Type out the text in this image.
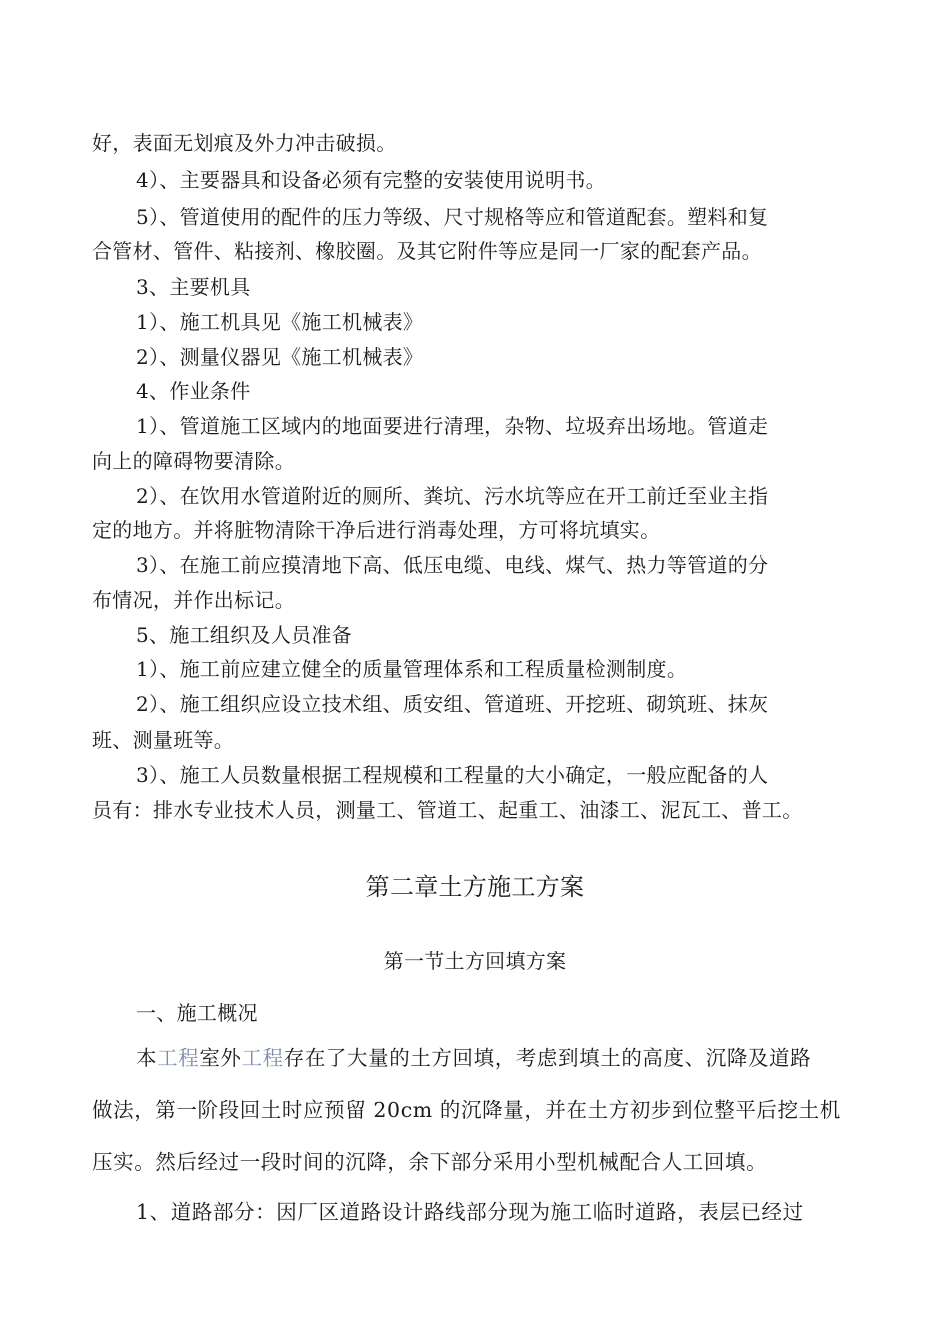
好，表面无划痕及外力冲击破损。
4）、主要器具和设备必须有完整的安装使用说明书。
5）、管道使用的配件的压力等级、尺寸规格等应和管道配套。塑料和复
合管材、管件、粘接剂、橡胶圈。及其它附件等应是同一厂家的配套产品。
3、主要机具
1）、施工机具见《施工机械表》
2）、测量仪器见《施工机械表》
4、作业条件
1）、管道施工区域内的地面要进行清理，杂物、垃圾弃出场地。管道走
向上的障碍物要清除。
2）、在饮用水管道附近的厕所、粪坑、污水坑等应在开工前迁至业主指
定的地方。并将脏物清除干净后进行消毒处理，方可将坑填实。
3）、在施工前应摸清地下高、低压电缆、电线、煤气、热力等管道的分
布情况，并作出标记。
5、施工组织及人员准备
1）、施工前应建立健全的质量管理体系和工程质量检测制度。
2）、施工组织应设立技术组、质安组、管道班、开挖班、砌筑班、抹灰
班、测量班等。
3）、施工人员数量根据工程规模和工程量的大小确定，一般应配备的人
员有：排水专业技术人员，测量工、管道工、起重工、油漆工、泥瓦工、普工。
第二章土方施工方案
第一节土方回填方案
一、施工概况
本工程室外工程存在了大量的土方回填，考虑到填土的高度、沉降及道路
做法，第一阶段回土时应预留 20cm 的沉降量，并在土方初步到位整平后挖土机
压实。然后经过一段时间的沉降，余下部分采用小型机械配合人工回填。
1、道路部分：因厂区道路设计路线部分现为施工临时道路，表层已经过
